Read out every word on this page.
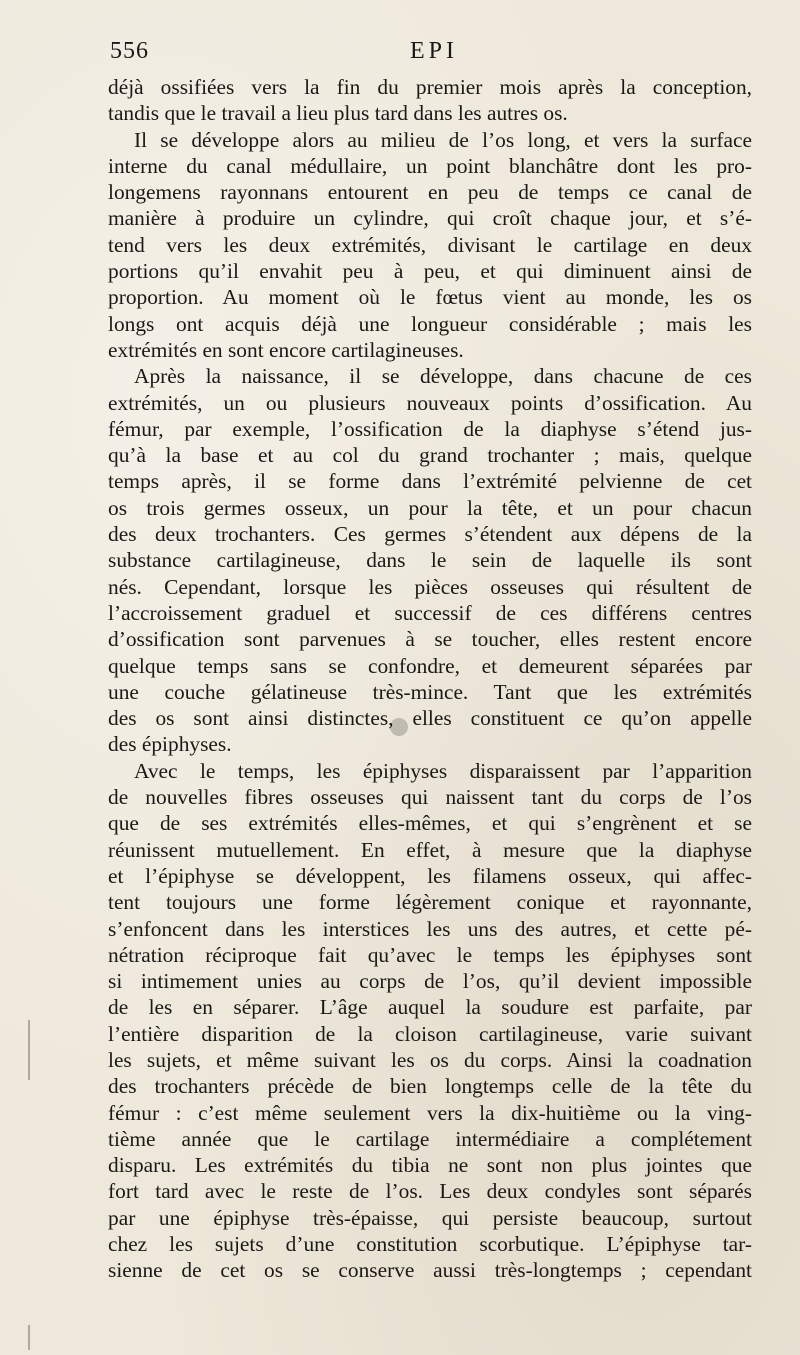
556	EPI
déjà ossifiées vers la fin du premier mois après la conception,
tandis que le travail a lieu plus tard dans les autres os.
Il se développe alors au milieu de l’os long, et vers la surface
interne du canal médullaire, un point blanchâtre dont les pro-
longemens rayonnans entourent en peu de temps ce canal de
manière à produire un cylindre, qui croît chaque jour, et s’é-
tend vers les deux extrémités, divisant le cartilage en deux
portions qu’il envahit peu à peu, et qui diminuent ainsi de
proportion. Au moment où le fœtus vient au monde, les os
longs ont acquis déjà une longueur considérable ; mais les
extrémités en sont encore cartilagineuses.
Après la naissance, il se développe, dans chacune de ces
extrémités, un ou plusieurs nouveaux points d’ossification. Au
fémur, par exemple, l’ossification de la diaphyse s’étend jus-
qu’à la base et au col du grand trochanter ; mais, quelque
temps après, il se forme dans l’extrémité pelvienne de cet
os trois germes osseux, un pour la tête, et un pour chacun
des deux trochanters. Ces germes s’étendent aux dépens de la
substance cartilagineuse, dans le sein de laquelle ils sont
nés. Cependant, lorsque les pièces osseuses qui résultent de
l’accroissement graduel et successif de ces différens centres
d’ossification sont parvenues à se toucher, elles restent encore
quelque temps sans se confondre, et demeurent séparées par
une couche gélatineuse très-mince. Tant que les extrémités
des os sont ainsi distinctes, elles constituent ce qu’on appelle
des épiphyses.
Avec le temps, les épiphyses disparaissent par l’apparition
de nouvelles fibres osseuses qui naissent tant du corps de l’os
que de ses extrémités elles-mêmes, et qui s’engrènent et se
réunissent mutuellement. En effet, à mesure que la diaphyse
et l’épiphyse se développent, les filamens osseux, qui affec-
tent toujours une forme légèrement conique et rayonnante,
s’enfoncent dans les interstices les uns des autres, et cette pé-
nétration réciproque fait qu’avec le temps les épiphyses sont
si intimement unies au corps de l’os, qu’il devient impossible
de les en séparer. L’âge auquel la soudure est parfaite, par
l’entière disparition de la cloison cartilagineuse, varie suivant
les sujets, et même suivant les os du corps. Ainsi la coadnation
des trochanters précède de bien longtemps celle de la tête du
fémur : c’est même seulement vers la dix-huitième ou la ving-
tième année que le cartilage intermédiaire a complétement
disparu. Les extrémités du tibia ne sont non plus jointes que
fort tard avec le reste de l’os. Les deux condyles sont séparés
par une épiphyse très-épaisse, qui persiste beaucoup, surtout
chez les sujets d’une constitution scorbutique. L’épiphyse tar-
sienne de cet os se conserve aussi très-longtemps ; cependant
